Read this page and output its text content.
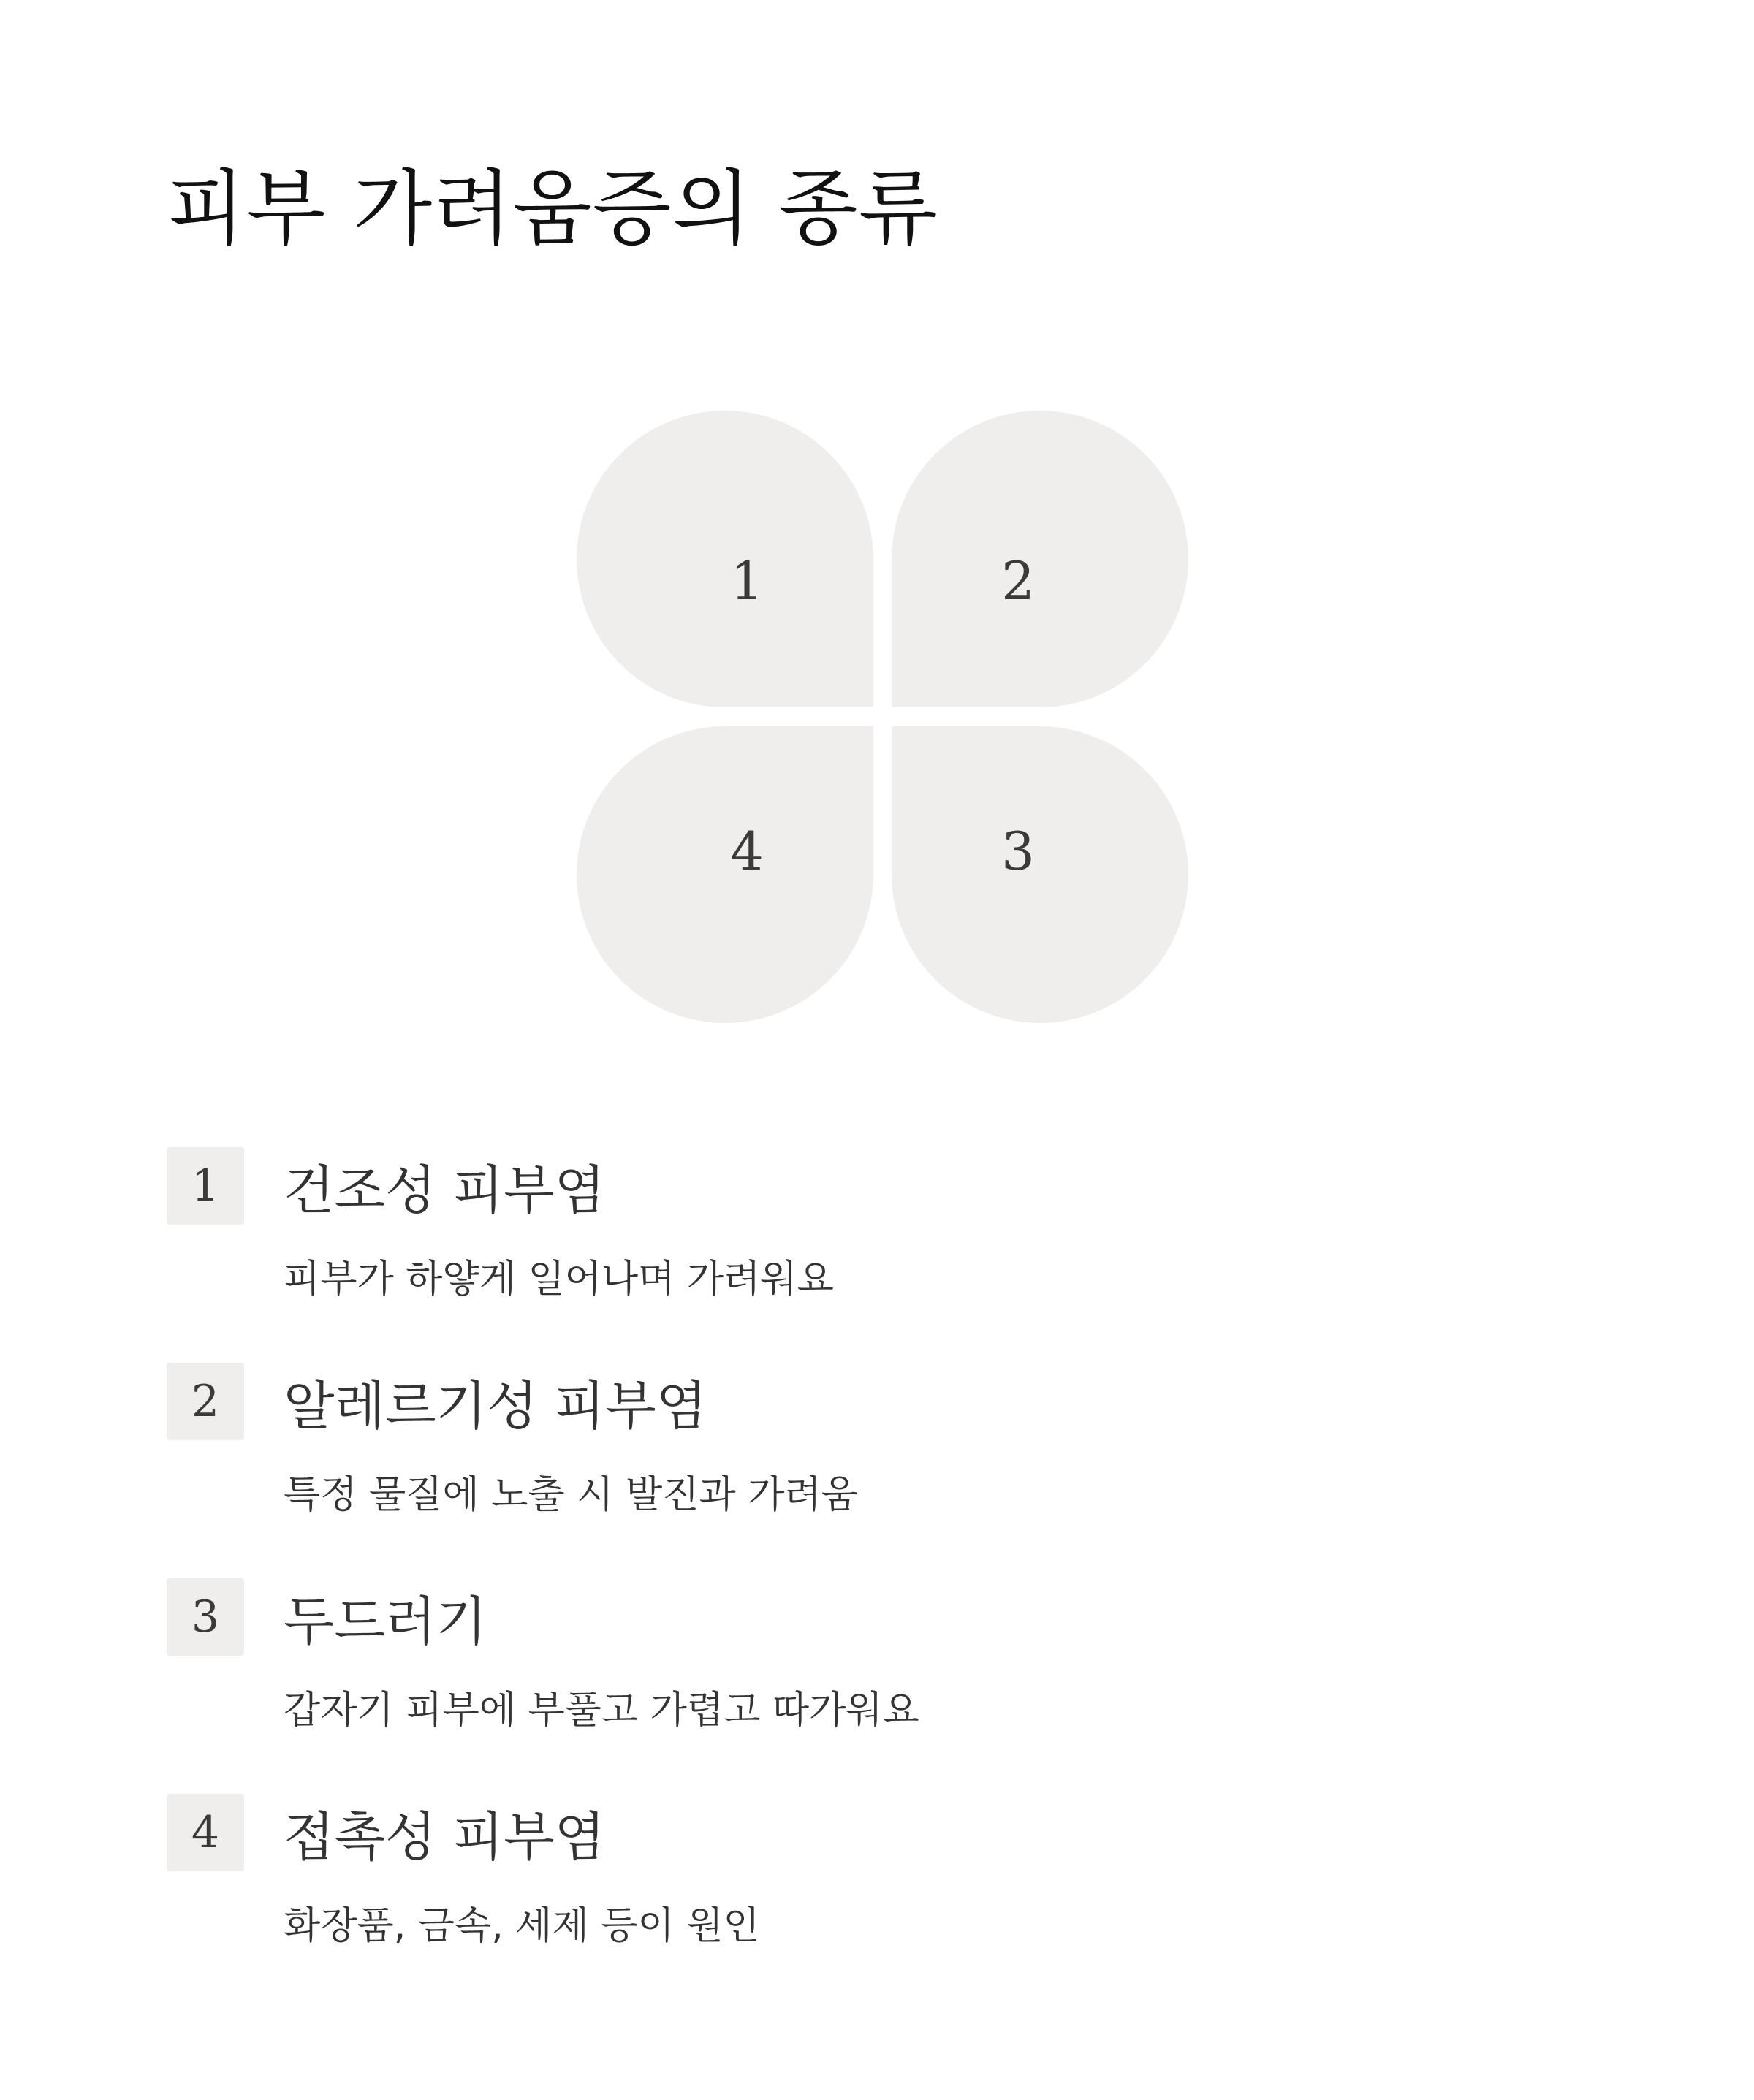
피부 가려움증의 종류
1	2
3
4
1	건조성 피부염
피부가 하얗게 일어나며 가려워요
2	알레르기성 피부염
특정 물질에 노출 시 발진과 가려움
3	두드러기
갑자기 피부에 부풀고 가렵고 따가워요
4	접촉성 피부염
화장품, 금속, 세제 등이 원인
